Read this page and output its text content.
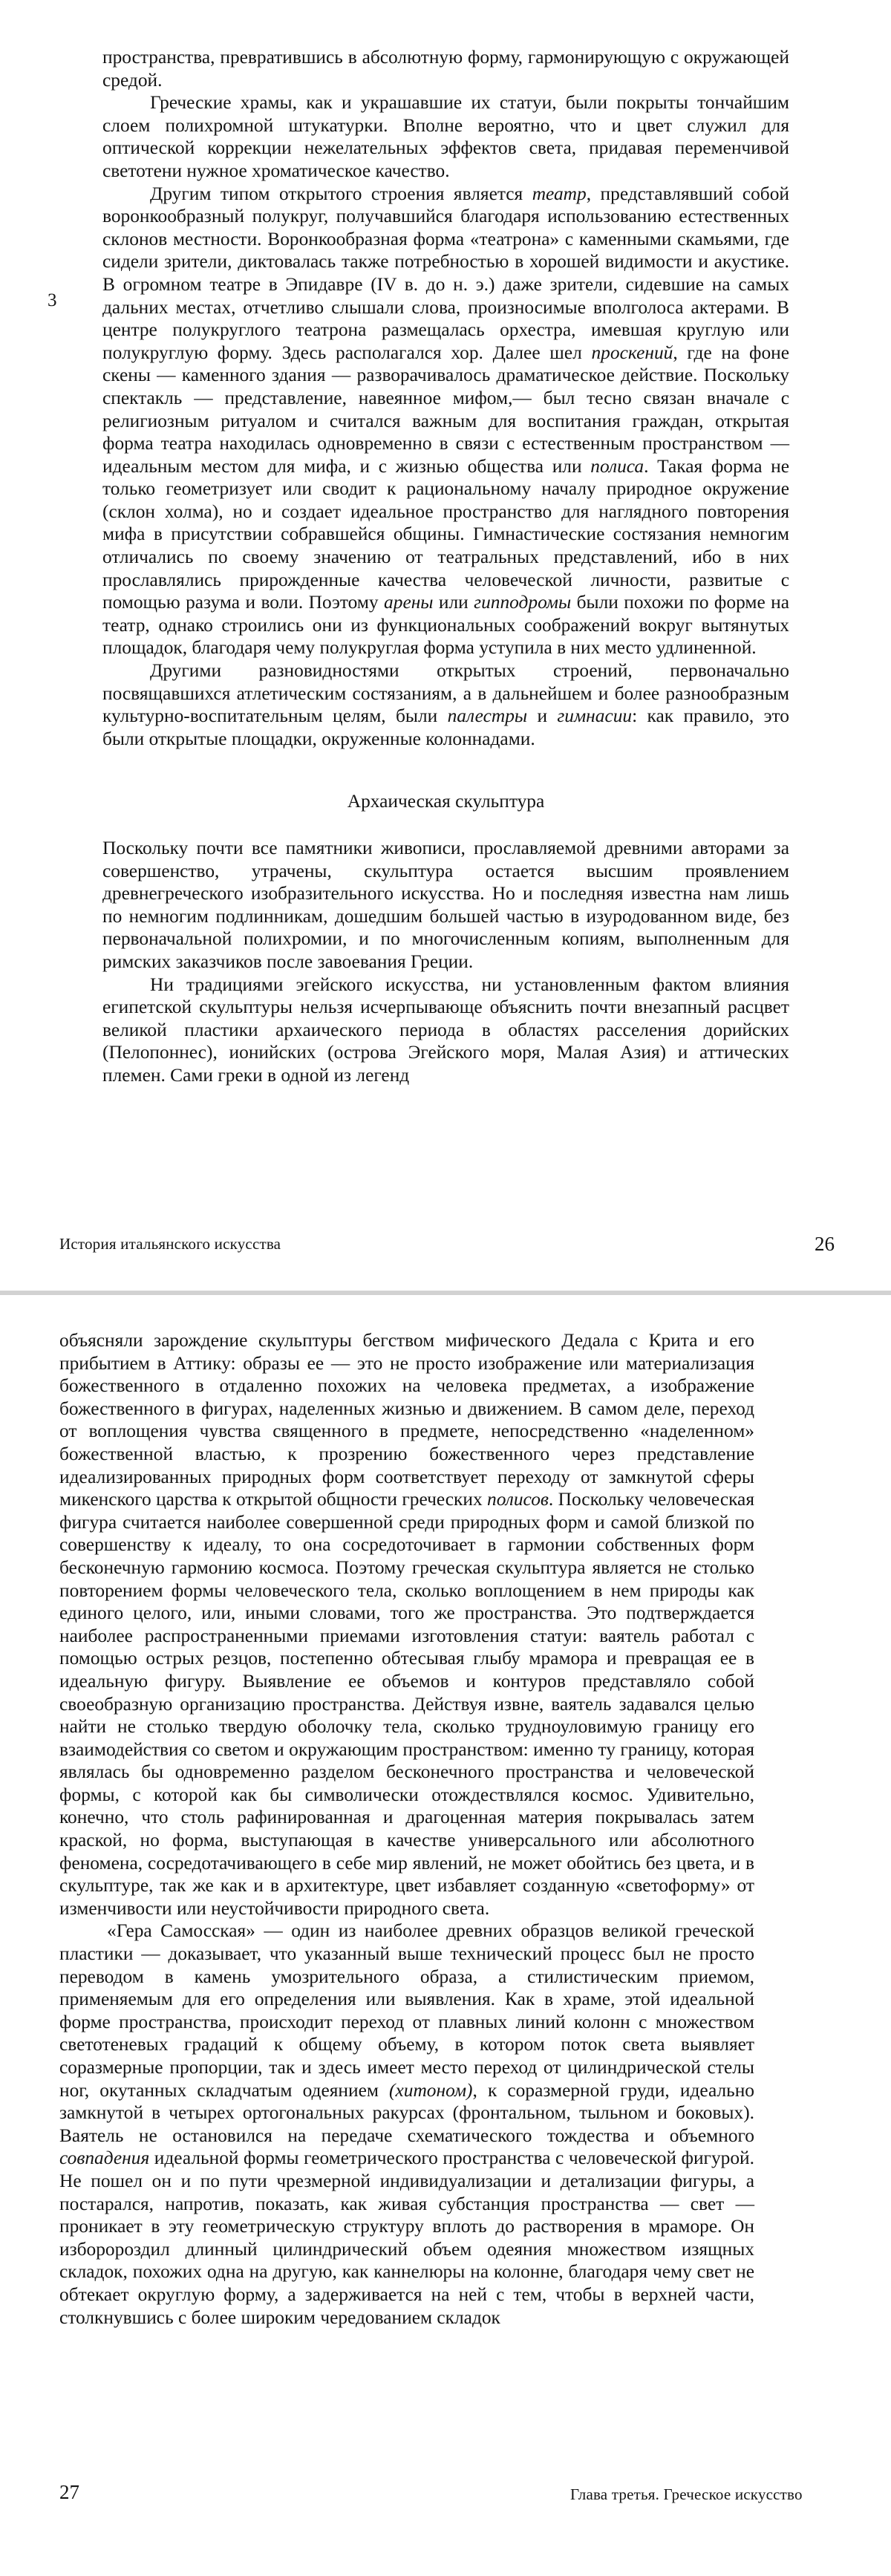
пространства, превратившись в абсолютную форму, гармонирующую с окружающей средой.

Греческие храмы, как и украшавшие их статуи, были покрыты тончайшим слоем полихромной штукатурки. Вполне вероятно, что и цвет служил для оптической коррекции нежелательных эффектов света, придавая переменчивой светотени нужное хроматическое качество.

Другим типом открытого строения является театр, представлявший собой воронкообразный полукруг, получавшийся благодаря использованию естественных склонов местности. Воронкообразная форма «театрона» с каменными скамьями, где сидели зрители, диктовалась также потребностью в хорошей видимости и акустике. В огромном театре в Эпидавре (IV в. до н. э.) даже зрители, сидевшие на самых дальних местах, отчетливо слышали слова, произносимые вполголоса актерами. В центре полукруглого театрона размещалась орхестра, имевшая круглую или полукруглую форму. Здесь располагался хор. Далее шел проскений, где на фоне скены — каменного здания — разворачивалось драматическое действие. Поскольку спектакль — представление, навеянное мифом,— был тесно связан вначале с религиозным ритуалом и считался важным для воспитания граждан, открытая форма театра находилась одновременно в связи с естественным пространством — идеальным местом для мифа, и с жизнью общества или полиса. Такая форма не только геометризует или сводит к рациональному началу природное окружение (склон холма), но и создает идеальное пространство для наглядного повторения мифа в присутствии собравшейся общины. Гимнастические состязания немногим отличались по своему значению от театральных представлений, ибо в них прославлялись прирожденные качества человеческой личности, развитые с помощью разума и воли. Поэтому арены или гипподромы были похожи по форме на театр, однако строились они из функциональных соображений вокруг вытянутых площадок, благодаря чему полукруглая форма уступила в них место удлиненной.

Другими разновидностями открытых строений, первоначально посвящавшихся атлетическим состязаниям, а в дальнейшем и более разнообразным культурно-воспитательным целям, были палестры и гимнасии: как правило, это были открытые площадки, окруженные колоннадами.

Архаическая скульптура

Поскольку почти все памятники живописи, прославляемой древними авторами за совершенство, утрачены, скульптура остается высшим проявлением древнегреческого изобразительного искусства. Но и последняя известна нам лишь по немногим подлинникам, дошедшим большей частью в изуродованном виде, без первоначальной полихромии, и по многочисленным копиям, выполненным для римских заказчиков после завоевания Греции.

Ни традициями эгейского искусства, ни установленным фактом влияния египетской скульптуры нельзя исчерпывающе объяснить почти внезапный расцвет великой пластики архаического периода в областях расселения дорийских (Пелопоннес), ионийских (острова Эгейского моря, Малая Азия) и аттических племен. Сами греки в одной из легенд

3
История итальянского искусства	26

объясняли зарождение скульптуры бегством мифического Дедала с Крита и его прибытием в Аттику: образы ее — это не просто изображение или материализация божественного в отдаленно похожих на человека предметах, а изображение божественного в фигурах, наделенных жизнью и движением. В самом деле, переход от воплощения чувства священного в предмете, непосредственно «наделенном» божественной властью, к прозрению божественного через представление идеализированных природных форм соответствует переходу от замкнутой сферы микенского царства к открытой общности греческих полисов. Поскольку человеческая фигура считается наиболее совершенной среди природных форм и самой близкой по совершенству к идеалу, то она сосредоточивает в гармонии собственных форм бесконечную гармонию космоса. Поэтому греческая скульптура является не столько повторением формы человеческого тела, сколько воплощением в нем природы как единого целого, или, иными словами, того же пространства. Это подтверждается наиболее распространенными приемами изготовления статуи: ваятель работал с помощью острых резцов, постепенно обтесывая глыбу мрамора и превращая ее в идеальную фигуру. Выявление ее объемов и контуров представляло собой своеобразную организацию пространства. Действуя извне, ваятель задавался целью найти не столько твердую оболочку тела, сколько трудноуловимую границу его взаимодействия со светом и окружающим пространством: именно ту границу, которая являлась бы одновременно разделом бесконечного пространства и человеческой формы, с которой как бы символически отождествлялся космос. Удивительно, конечно, что столь рафинированная и драгоценная материя покрывалась затем краской, но форма, выступающая в качестве универсального или абсолютного феномена, сосредотачивающего в себе мир явлений, не может обойтись без цвета, и в скульптуре, так же как и в архитектуре, цвет избавляет созданную «светоформу» от изменчивости или неустойчивости природного света.

«Гера Самосская» — один из наиболее древних образцов великой греческой пластики — доказывает, что указанный выше технический процесс был не просто переводом в камень умозрительного образа, а стилистическим приемом, применяемым для его определения или выявления. Как в храме, этой идеальной форме пространства, происходит переход от плавных линий колонн с множеством светотеневых градаций к общему объему, в котором поток света выявляет соразмерные пропорции, так и здесь имеет место переход от цилиндрической стелы ног, окутанных складчатым одеянием (хитоном), к соразмерной груди, идеально замкнутой в четырех ортогональных ракурсах (фронтальном, тыльном и боковых). Ваятель не остановился на передаче схематического тождества и объемного совпадения идеальной формы геометрического пространства с человеческой фигурой. Не пошел он и по пути чрезмерной индивидуализации и детализации фигуры, а постарался, напротив, показать, как живая субстанция пространства — свет — проникает в эту геометрическую структуру вплоть до растворения в мраморе. Он изборороздил длинный цилиндрический объем одеяния множеством изящных складок, похожих одна на другую, как каннелюры на колонне, благодаря чему свет не обтекает округлую форму, а задерживается на ней с тем, чтобы в верхней части, столкнувшись с более широким чередованием складок

27	Глава третья. Греческое искусство
